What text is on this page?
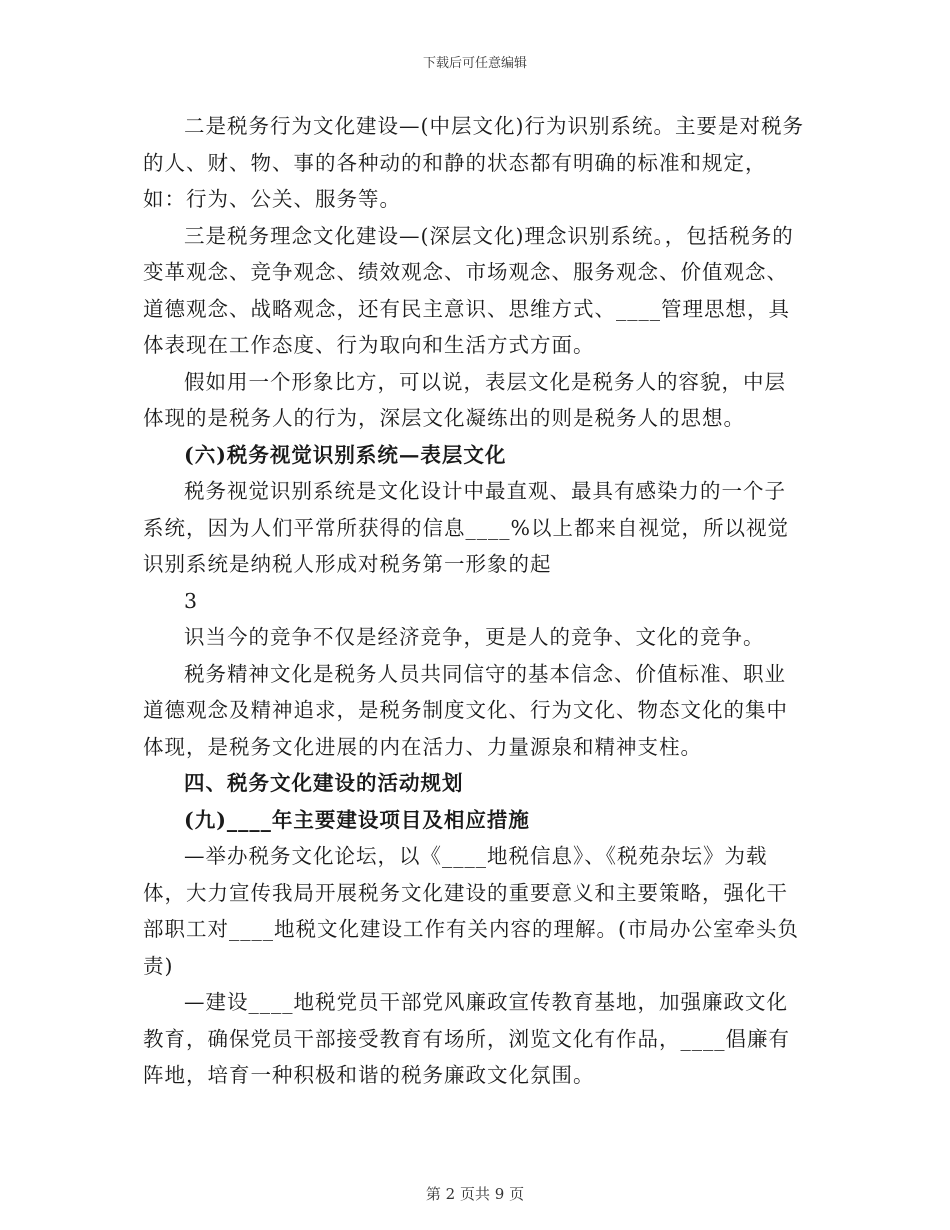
下载后可任意编辑

二是税务行为文化建设—(中层文化)行为识别系统。主要是对税务的人、财、物、事的各种动的和静的状态都有明确的标准和规定，如：行为、公关、服务等。

三是税务理念文化建设—(深层文化)理念识别系统。，包括税务的变革观念、竞争观念、绩效观念、市场观念、服务观念、价值观念、道德观念、战略观念，还有民主意识、思维方式、____管理思想，具体表现在工作态度、行为取向和生活方式方面。

假如用一个形象比方，可以说，表层文化是税务人的容貌，中层体现的是税务人的行为，深层文化凝练出的则是税务人的思想。

(六)税务视觉识别系统—表层文化

税务视觉识别系统是文化设计中最直观、最具有感染力的一个子系统，因为人们平常所获得的信息____%以上都来自视觉，所以视觉识别系统是纳税人形成对税务第一形象的起

3

识当今的竞争不仅是经济竞争，更是人的竞争、文化的竞争。

税务精神文化是税务人员共同信守的基本信念、价值标准、职业道德观念及精神追求，是税务制度文化、行为文化、物态文化的集中体现，是税务文化进展的内在活力、力量源泉和精神支柱。

四、税务文化建设的活动规划

(九)____年主要建设项目及相应措施

—举办税务文化论坛，以《____地税信息》、《税苑杂坛》为载体，大力宣传我局开展税务文化建设的重要意义和主要策略，强化干部职工对____地税文化建设工作有关内容的理解。(市局办公室牵头负责)

—建设____地税党员干部党风廉政宣传教育基地，加强廉政文化教育，确保党员干部接受教育有场所，浏览文化有作品，____倡廉有阵地，培育一种积极和谐的税务廉政文化氛围。

第 2 页共 9 页
